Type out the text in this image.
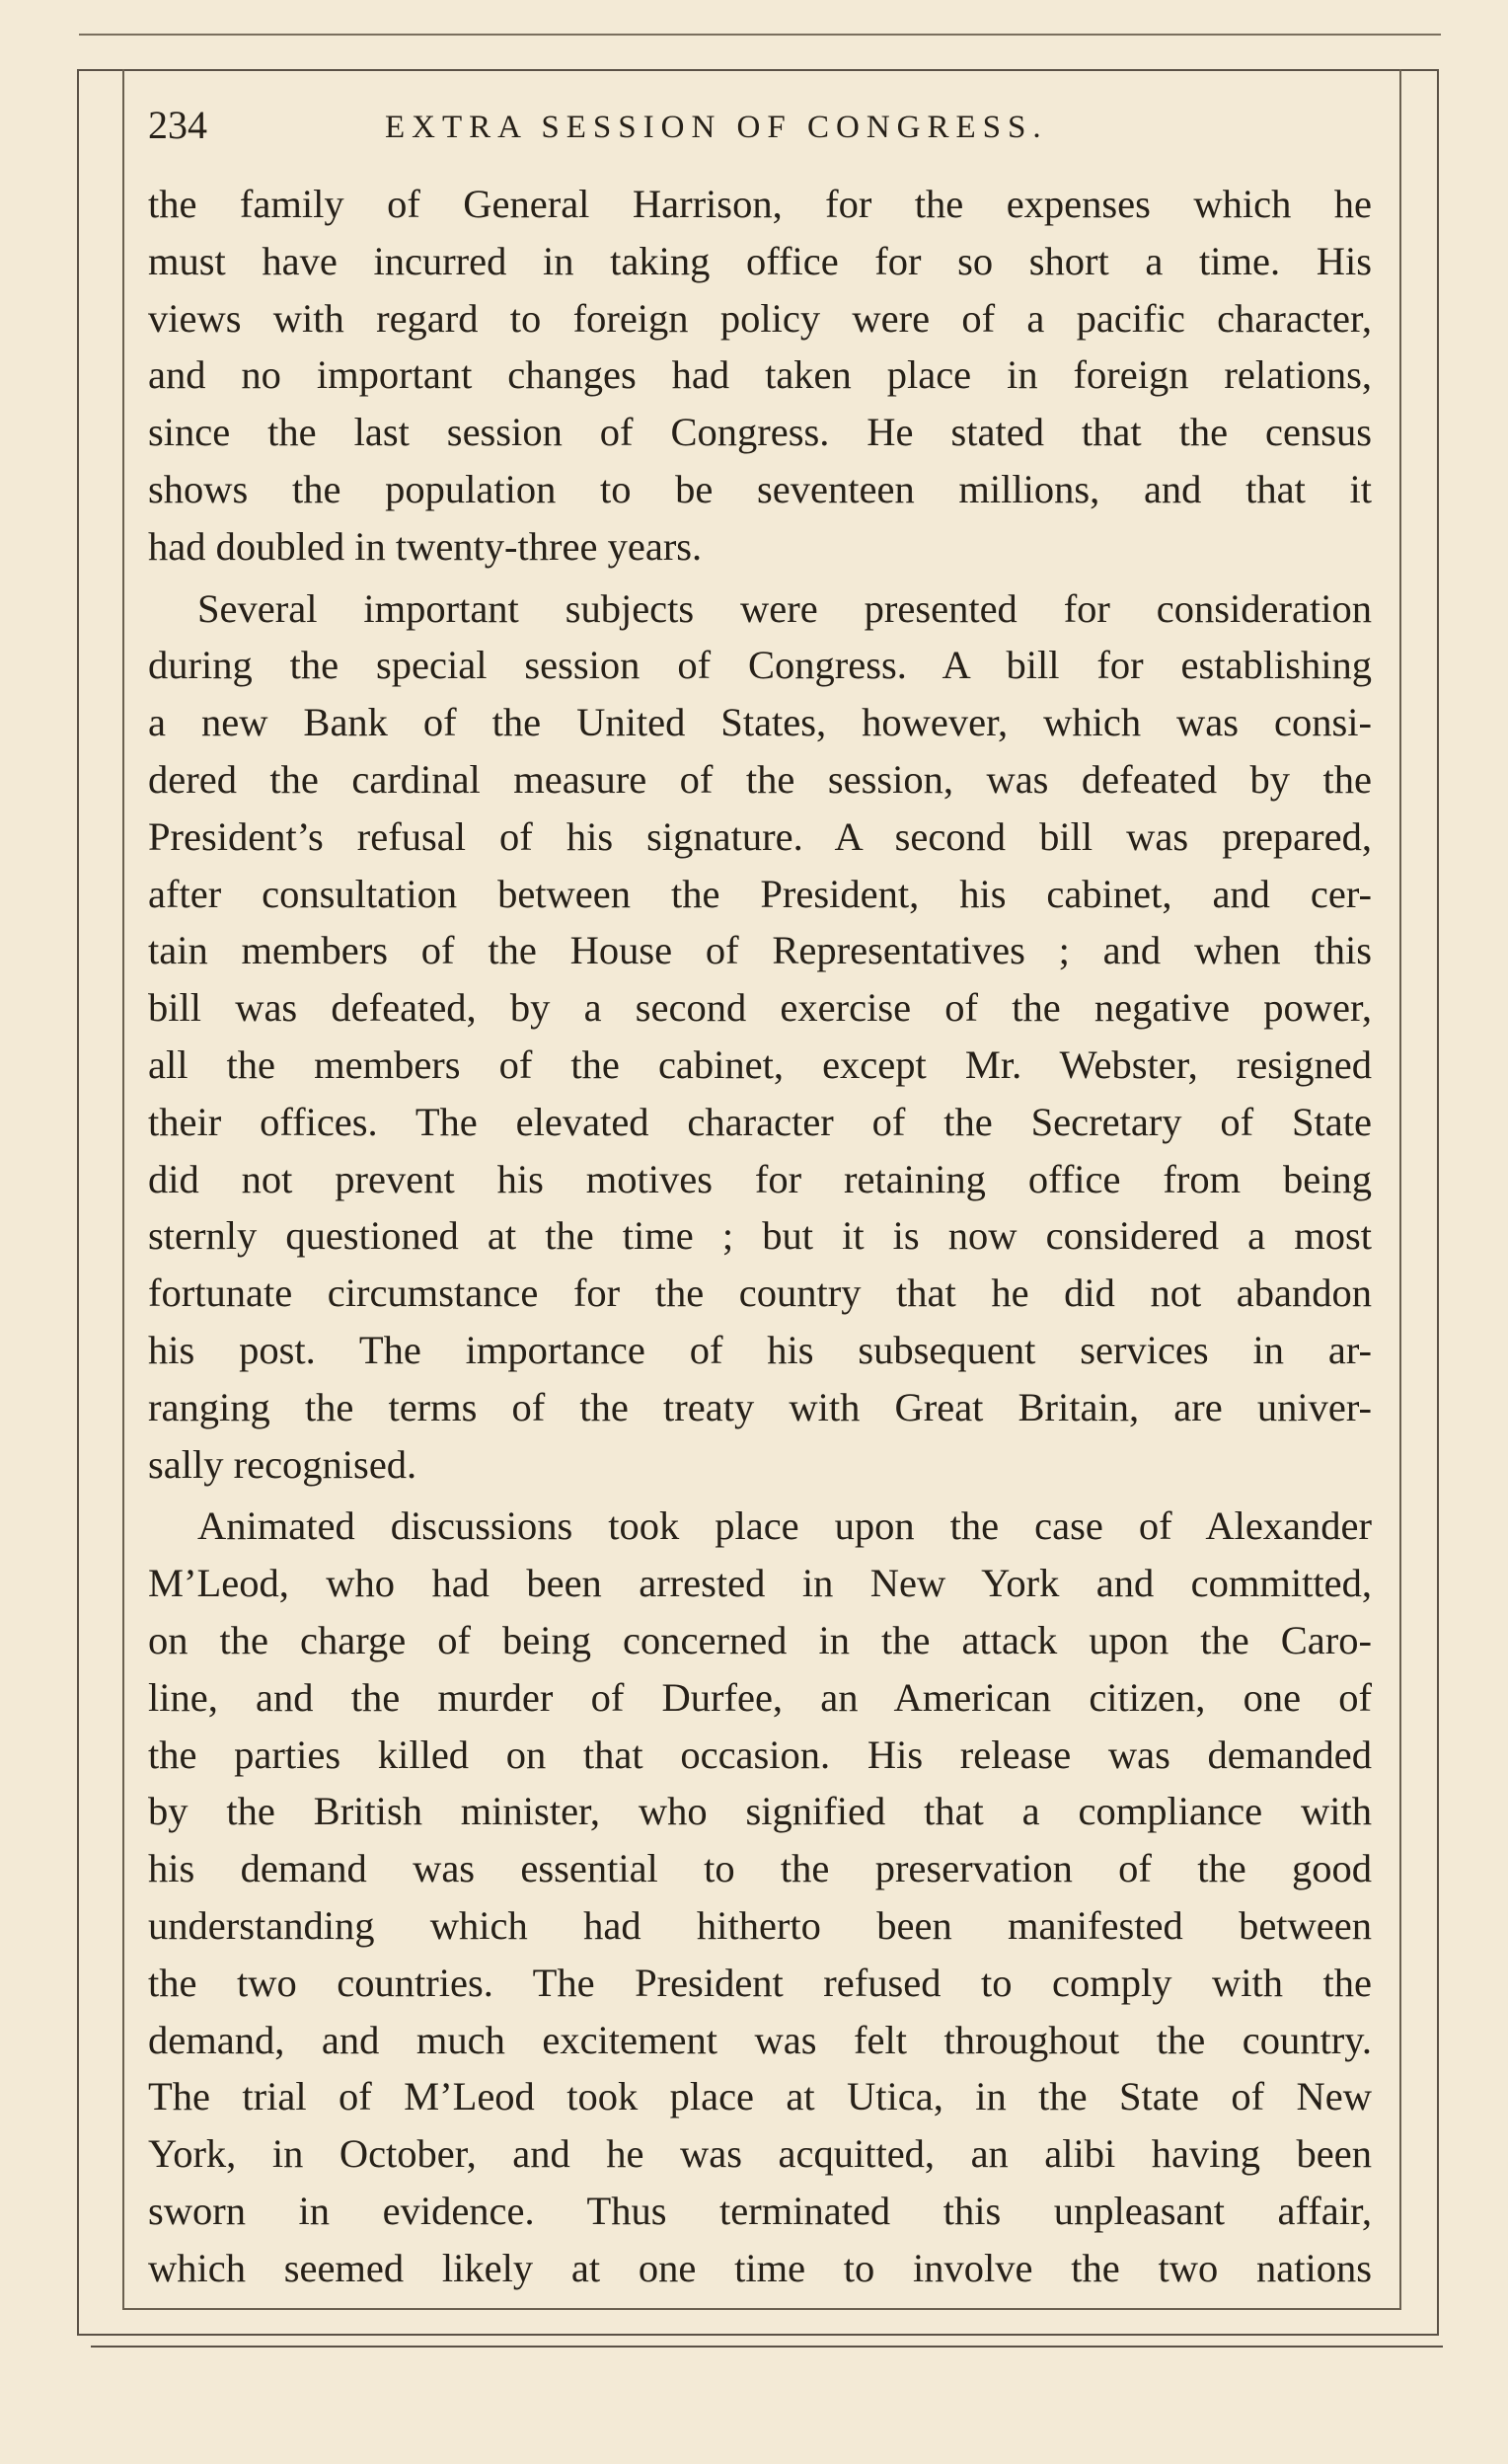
234	EXTRA SESSION OF CONGRESS.
the family of General Harrison, for the expenses which he
must have incurred in taking office for so short a time. His
views with regard to foreign policy were of a pacific character,
and no important changes had taken place in foreign relations,
since the last session of Congress. He stated that the census
shows the population to be seventeen millions, and that it
had doubled in twenty-three years.
Several important subjects were presented for consideration
during the special session of Congress. A bill for establishing
a new Bank of the United States, however, which was consi-
dered the cardinal measure of the session, was defeated by the
President’s refusal of his signature. A second bill was prepared,
after consultation between the President, his cabinet, and cer-
tain members of the House of Representatives ; and when this
bill was defeated, by a second exercise of the negative power,
all the members of the cabinet, except Mr. Webster, resigned
their offices. The elevated character of the Secretary of State
did not prevent his motives for retaining office from being
sternly questioned at the time ; but it is now considered a most
fortunate circumstance for the country that he did not abandon
his post. The importance of his subsequent services in ar-
ranging the terms of the treaty with Great Britain, are univer-
sally recognised.
Animated discussions took place upon the case of Alexander
M’Leod, who had been arrested in New York and committed,
on the charge of being concerned in the attack upon the Caro-
line, and the murder of Durfee, an American citizen, one of
the parties killed on that occasion. His release was demanded
by the British minister, who signified that a compliance with
his demand was essential to the preservation of the good
understanding which had hitherto been manifested between
the two countries. The President refused to comply with the
demand, and much excitement was felt throughout the country.
The trial of M’Leod took place at Utica, in the State of New
York, in October, and he was acquitted, an alibi having been
sworn in evidence. Thus terminated this unpleasant affair,
which seemed likely at one time to involve the two nations
